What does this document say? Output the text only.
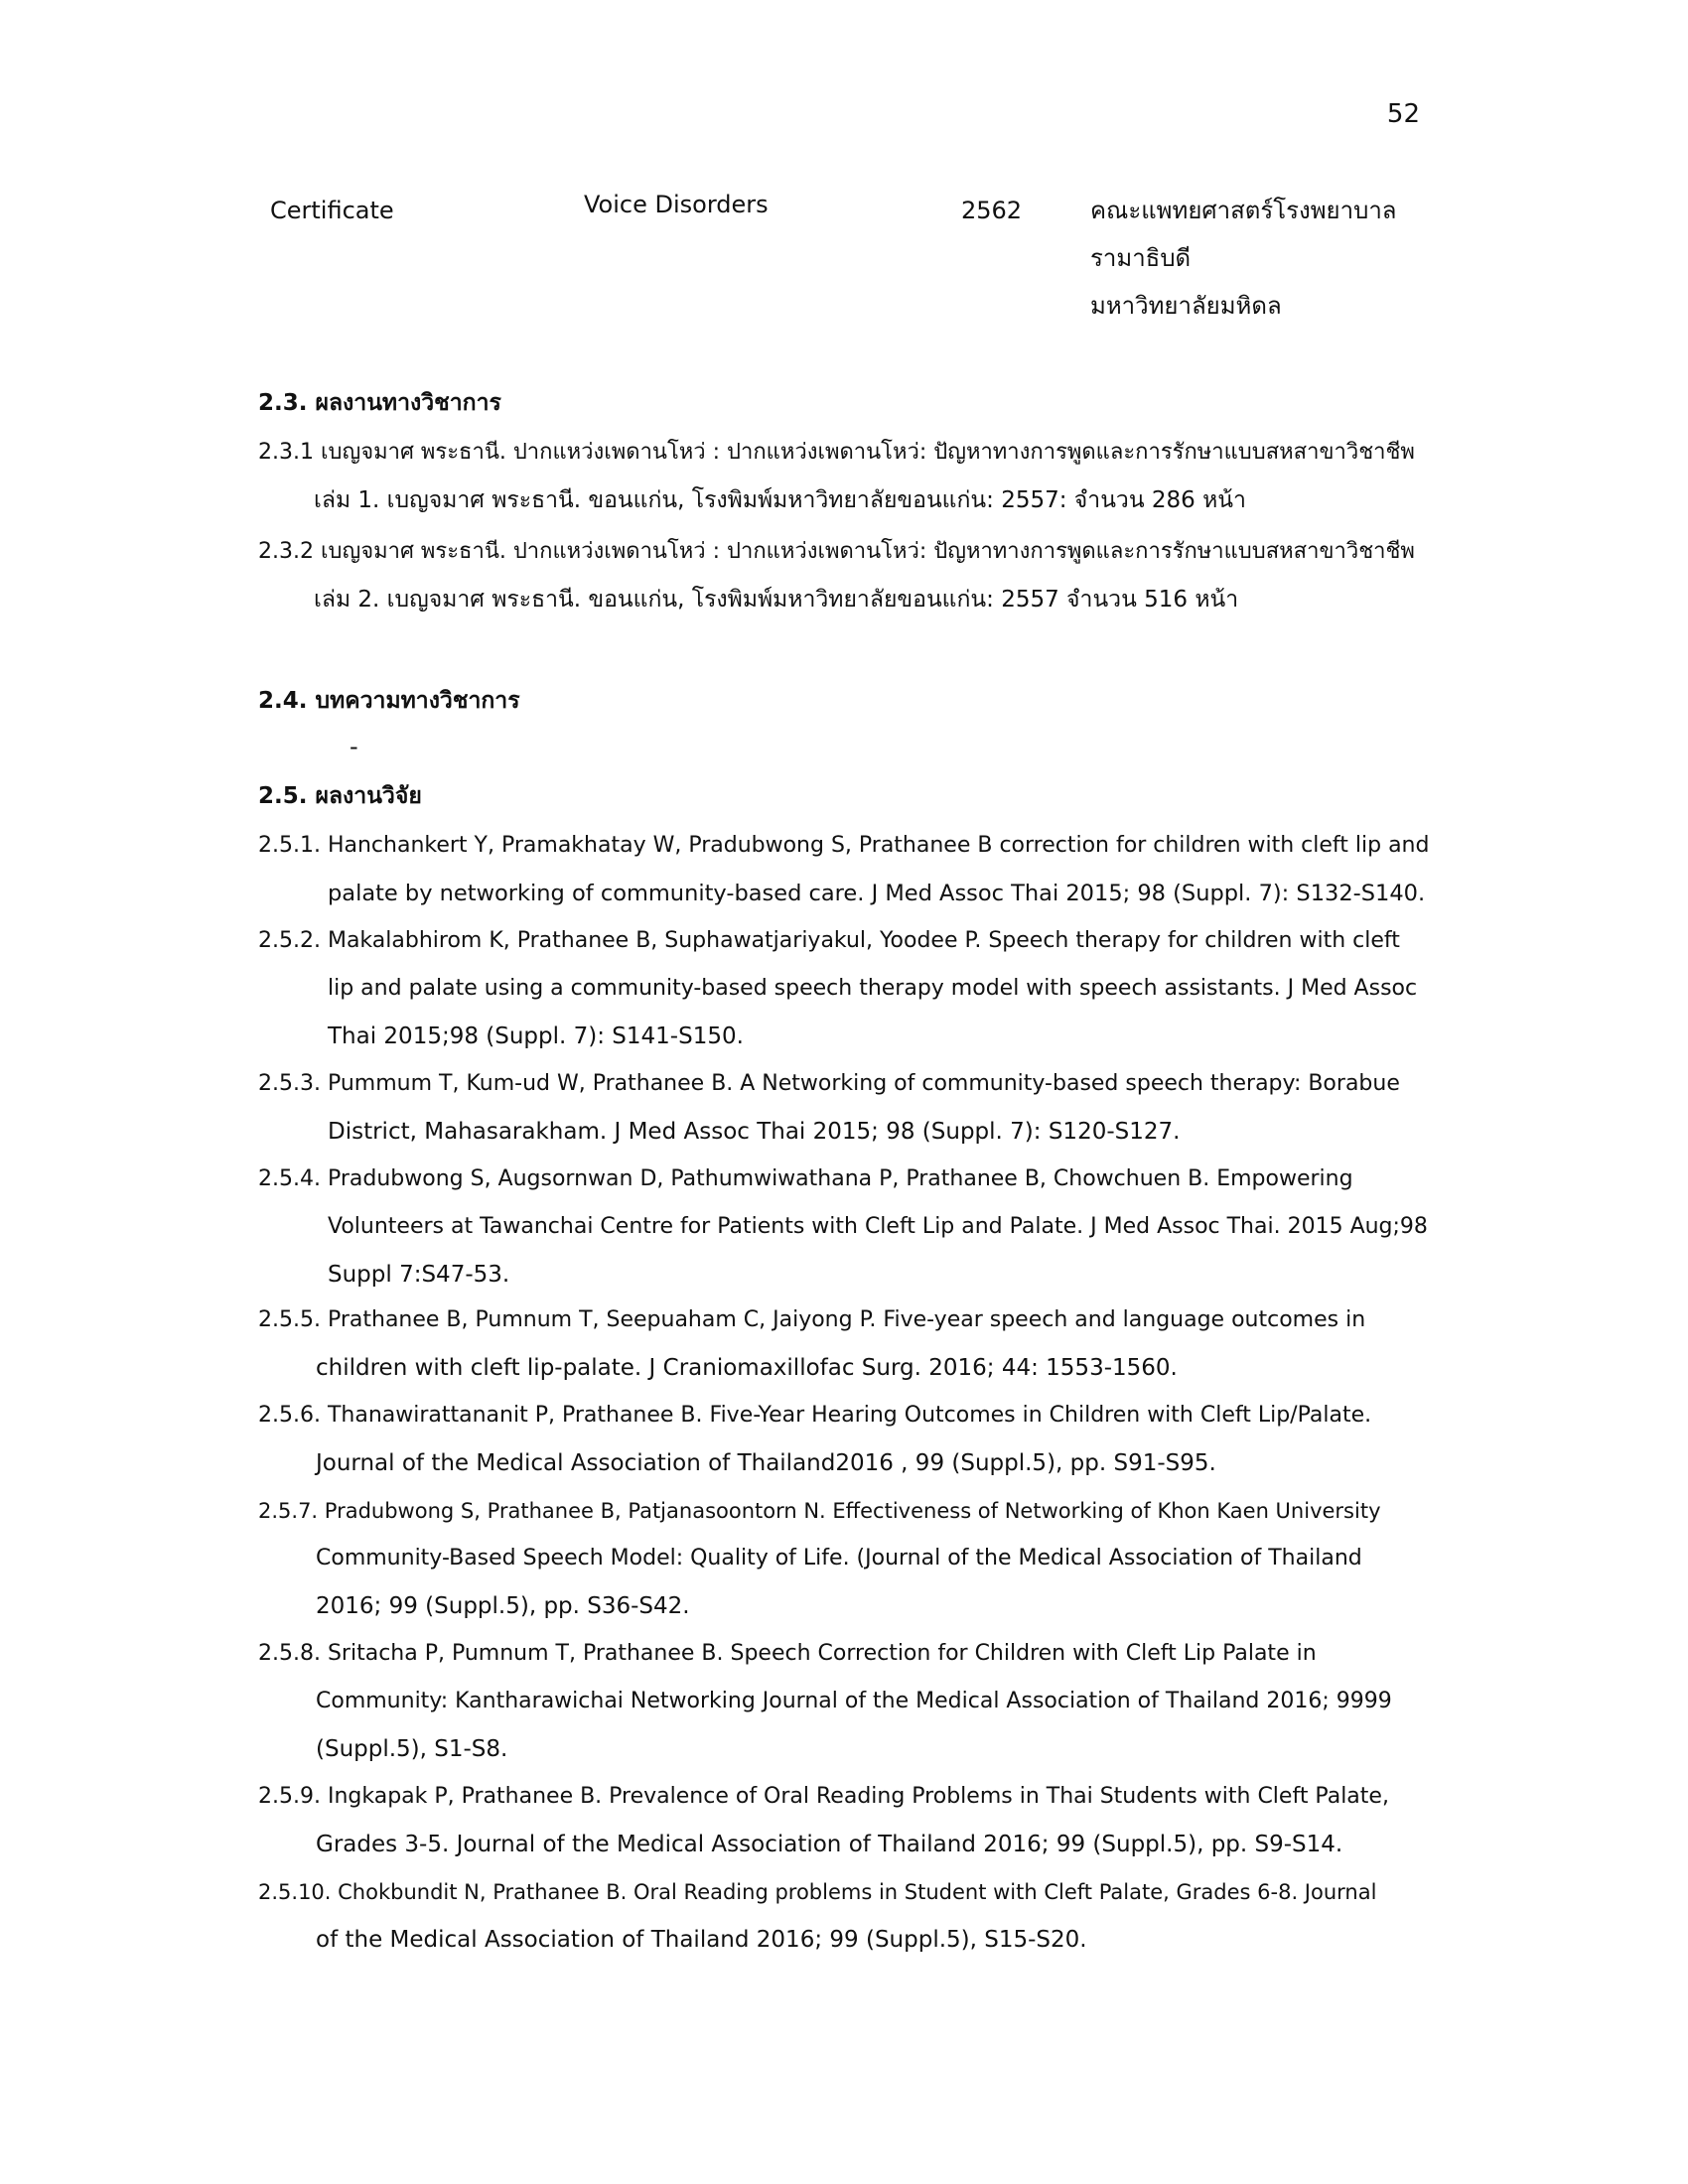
52
Certificate	Voice Disorders	2562	คณะแพทยศาสตร์โรงพยาบาล
รามาธิบดี
มหาวิทยาลัยมหิดล
2.3. ผลงานทางวิชาการ
2.3.1 เบญจมาศ พระธานี. ปากแหว่งเพดานโหว่ : ปากแหว่งเพดานโหว่: ปัญหาทางการพูดและการรักษาแบบสหสาขาวิชาชีพ
เล่ม 1. เบญจมาศ พระธานี. ขอนแก่น, โรงพิมพ์มหาวิทยาลัยขอนแก่น: 2557: จำนวน 286 หน้า
2.3.2 เบญจมาศ พระธานี. ปากแหว่งเพดานโหว่ : ปากแหว่งเพดานโหว่: ปัญหาทางการพูดและการรักษาแบบสหสาขาวิชาชีพ
เล่ม 2. เบญจมาศ พระธานี. ขอนแก่น, โรงพิมพ์มหาวิทยาลัยขอนแก่น: 2557 จำนวน 516 หน้า
2.4. บทความทางวิชาการ
-
2.5. ผลงานวิจัย
2.5.1. Hanchankert Y, Pramakhatay W, Pradubwong S, Prathanee B correction for children with cleft lip and
palate by networking of community-based care. J Med Assoc Thai 2015; 98 (Suppl. 7): S132-S140.
2.5.2. Makalabhirom K, Prathanee B, Suphawatjariyakul, Yoodee P. Speech therapy for children with cleft
lip and palate using a community-based speech therapy model with speech assistants. J Med Assoc
Thai 2015;98 (Suppl. 7): S141-S150.
2.5.3. Pummum T, Kum-ud W, Prathanee B. A Networking of community-based speech therapy: Borabue
District, Mahasarakham. J Med Assoc Thai 2015; 98 (Suppl. 7): S120-S127.
2.5.4. Pradubwong S, Augsornwan D, Pathumwiwathana P, Prathanee B, Chowchuen B. Empowering
Volunteers at Tawanchai Centre for Patients with Cleft Lip and Palate. J Med Assoc Thai. 2015 Aug;98
Suppl 7:S47-53.
2.5.5. Prathanee B, Pumnum T, Seepuaham C, Jaiyong P. Five-year speech and language outcomes in
children with cleft lip-palate. J Craniomaxillofac Surg. 2016; 44: 1553-1560.
2.5.6. Thanawirattananit P, Prathanee B. Five-Year Hearing Outcomes in Children with Cleft Lip/Palate.
Journal of the Medical Association of Thailand2016 , 99 (Suppl.5), pp. S91-S95.
2.5.7. Pradubwong S, Prathanee B, Patjanasoontorn N. Effectiveness of Networking of Khon Kaen University
Community-Based Speech Model: Quality of Life. (Journal of the Medical Association of Thailand
2016; 99 (Suppl.5), pp. S36-S42.
2.5.8. Sritacha P, Pumnum T, Prathanee B. Speech Correction for Children with Cleft Lip Palate in
Community: Kantharawichai Networking Journal of the Medical Association of Thailand 2016; 9999
(Suppl.5), S1-S8.
2.5.9. Ingkapak P, Prathanee B. Prevalence of Oral Reading Problems in Thai Students with Cleft Palate,
Grades 3-5. Journal of the Medical Association of Thailand 2016; 99 (Suppl.5), pp. S9-S14.
2.5.10. Chokbundit N, Prathanee B. Oral Reading problems in Student with Cleft Palate, Grades 6-8. Journal
of the Medical Association of Thailand 2016; 99 (Suppl.5), S15-S20.
